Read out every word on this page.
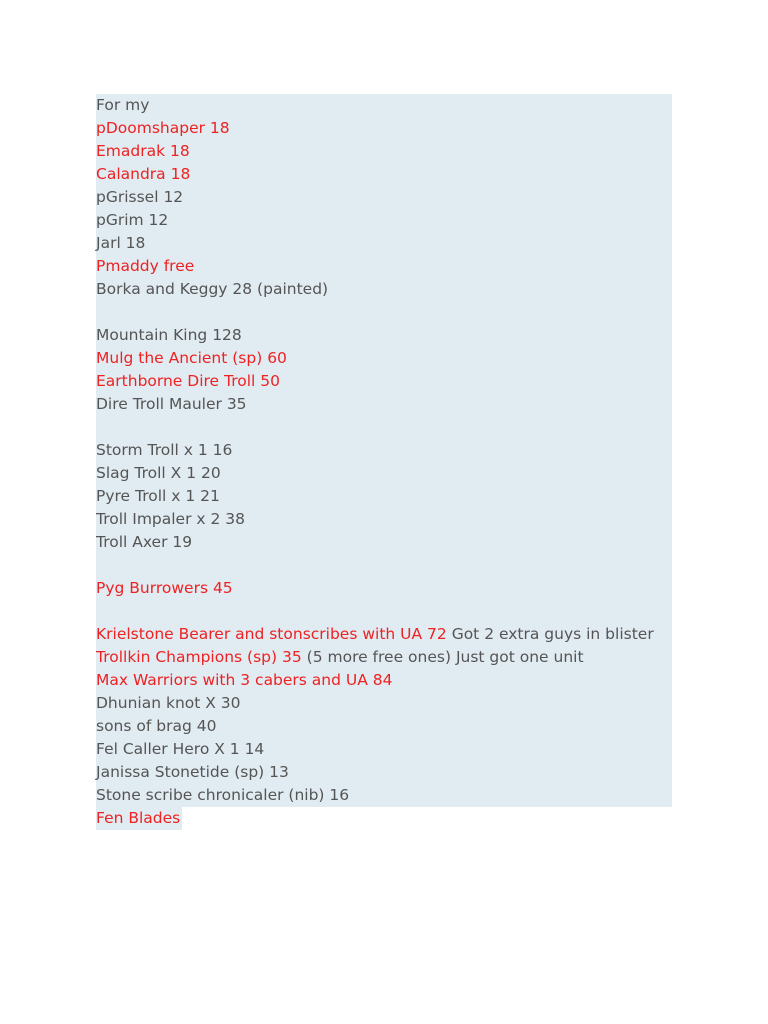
For my
pDoomshaper 18
Emadrak 18
Calandra 18
pGrissel 12
pGrim 12
Jarl 18
Pmaddy free
Borka and Keggy 28 (painted)
Mountain King 128
Mulg the Ancient (sp) 60
Earthborne Dire Troll 50
Dire Troll Mauler 35
Storm Troll x 1 16
Slag Troll X 1 20
Pyre Troll x 1 21
Troll Impaler x 2 38
Troll Axer 19
Pyg Burrowers 45
Krielstone Bearer and stonscribes with UA 72 Got 2 extra guys in blister
Trollkin Champions (sp) 35 (5 more free ones) Just got one unit
Max Warriors with 3 cabers and UA 84
Dhunian knot X 30
sons of brag 40
Fel Caller Hero X 1 14
Janissa Stonetide (sp) 13
Stone scribe chronicaler (nib) 16
Fen Blades
